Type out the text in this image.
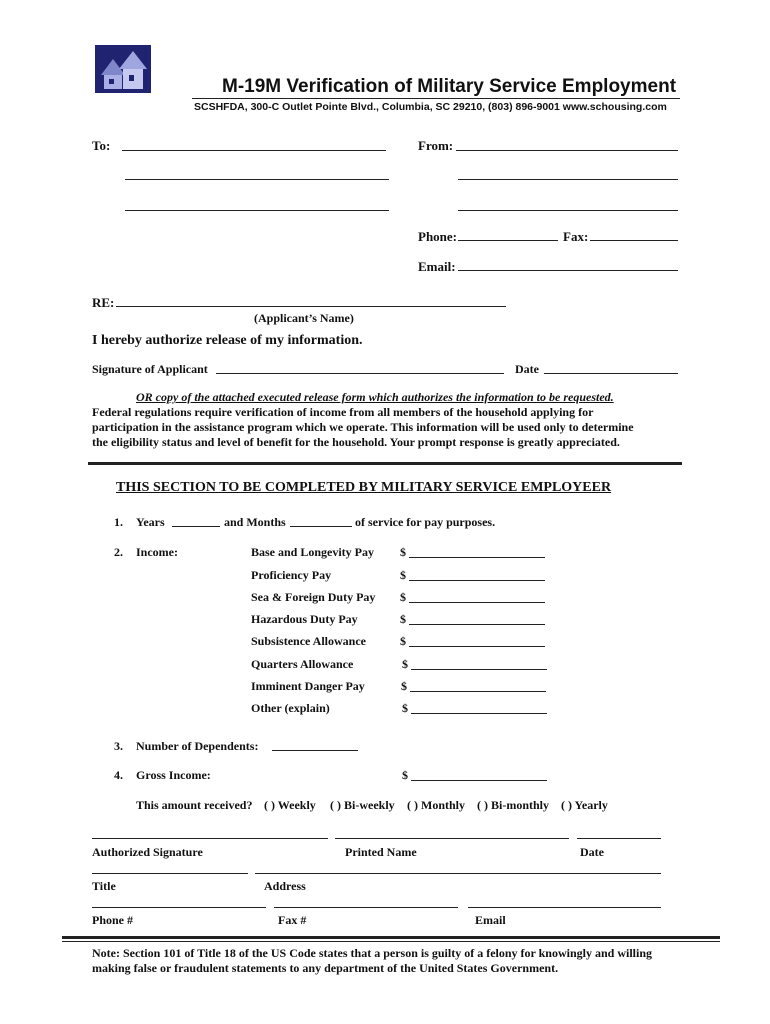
M-19M Verification of Military Service Employment
SCSHFDA, 300-C Outlet Pointe Blvd., Columbia, SC 29210, (803) 896-9001 www.schousing.com
To:	From:
Phone:	Fax:
Email:
RE:
(Applicant’s Name)
I hereby authorize release of my information.
Signature of Applicant	Date
OR copy of the attached executed release form which authorizes the information to be requested.
Federal regulations require verification of income from all members of the household applying for
participation in the assistance program which we operate. This information will be used only to determine
the eligibility status and level of benefit for the household. Your prompt response is greatly appreciated.
THIS SECTION TO BE COMPLETED BY MILITARY SERVICE EMPLOYEER
1. Years	and Months	of service for pay purposes.
2. Income:	Base and Longevity Pay $
Proficiency Pay	$
Sea & Foreign Duty Pay $
Hazardous Duty Pay	$
Subsistence Allowance	$
Quarters Allowance	$
Imminent Danger Pay	$
Other (explain)	$
3. Number of Dependents:
4. Gross Income:	$
This amount received? ( ) Weekly ( ) Bi-weekly ( ) Monthly ( ) Bi-monthly ( ) Yearly
Authorized Signature	Printed Name	Date
Title	Address
Phone #	Fax #	Email
Note: Section 101 of Title 18 of the US Code states that a person is guilty of a felony for knowingly and willing
making false or fraudulent statements to any department of the United States Government.
